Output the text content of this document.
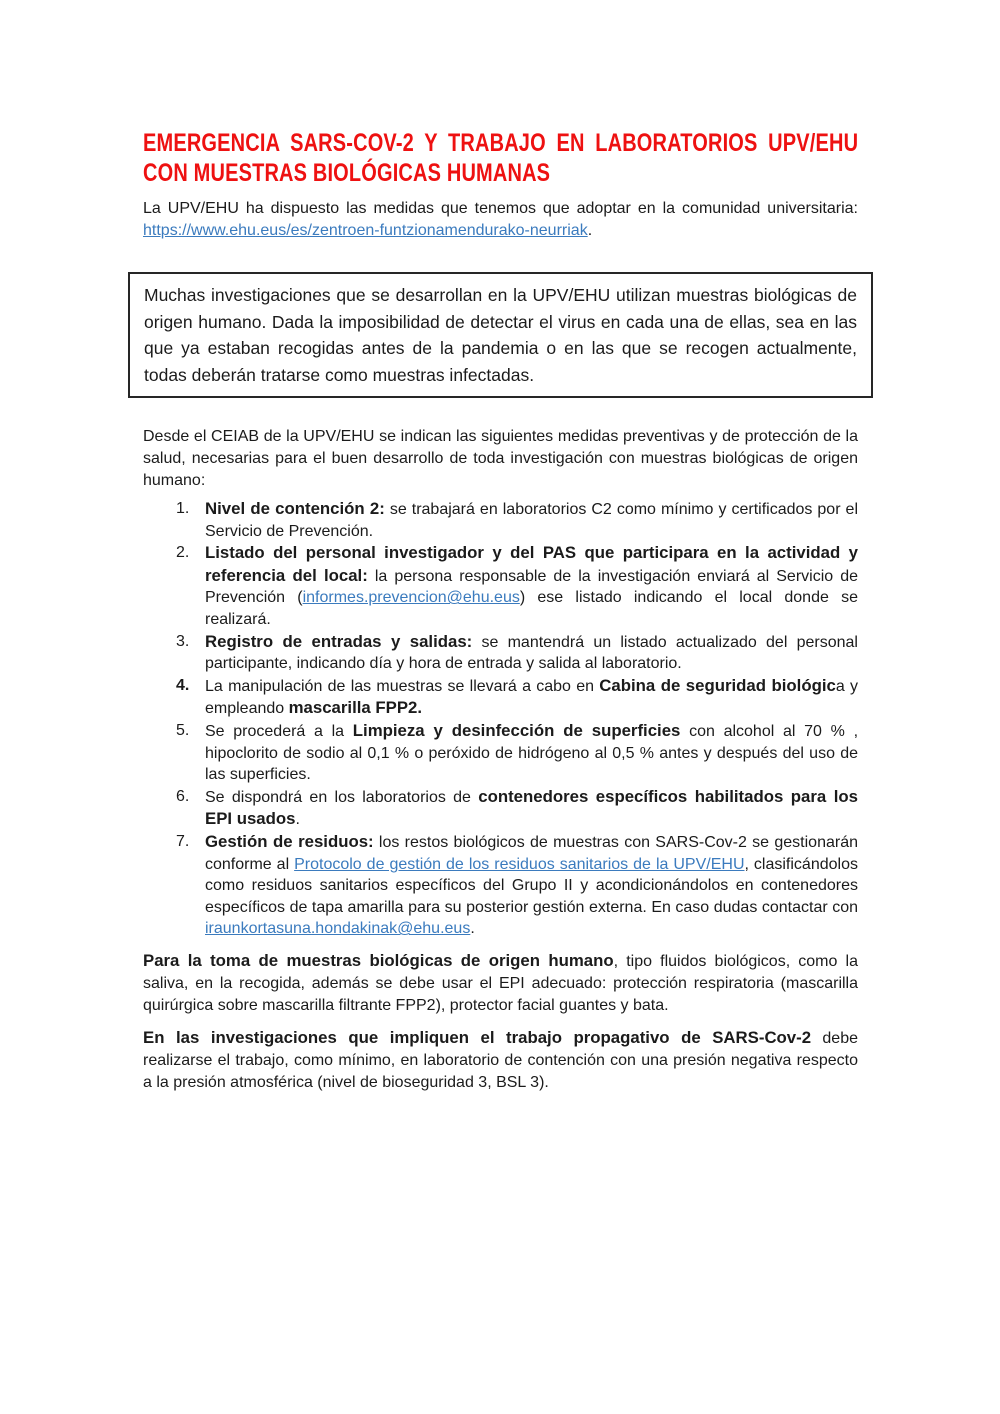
EMERGENCIA SARS-COV-2 Y TRABAJO EN LABORATORIOS UPV/EHU CON MUESTRAS BIOLÓGICAS HUMANAS

La UPV/EHU ha dispuesto las medidas que tenemos que adoptar en la comunidad universitaria: https://www.ehu.eus/es/zentroen-funtzionamendurako-neurriak.

Muchas investigaciones que se desarrollan en la UPV/EHU utilizan muestras biológicas de origen humano. Dada la imposibilidad de detectar el virus en cada una de ellas, sea en las que ya estaban recogidas antes de la pandemia o en las que se recogen actualmente, todas deberán tratarse como muestras infectadas.

Desde el CEIAB de la UPV/EHU se indican las siguientes medidas preventivas y de protección de la salud, necesarias para el buen desarrollo de toda investigación con muestras biológicas de origen humano:

1. Nivel de contención 2: se trabajará en laboratorios C2 como mínimo y certificados por el Servicio de Prevención.
2. Listado del personal investigador y del PAS que participara en la actividad y referencia del local: la persona responsable de la investigación enviará al Servicio de Prevención (informes.prevencion@ehu.eus) ese listado indicando el local donde se realizará.
3. Registro de entradas y salidas: se mantendrá un listado actualizado del personal participante, indicando día y hora de entrada y salida al laboratorio.
4. La manipulación de las muestras se llevará a cabo en Cabina de seguridad biológica y empleando mascarilla FPP2.
5. Se procederá a la Limpieza y desinfección de superficies con alcohol al 70 % , hipoclorito de sodio al 0,1 % o peróxido de hidrógeno al 0,5 % antes y después del uso de las superficies.
6. Se dispondrá en los laboratorios de contenedores específicos habilitados para los EPI usados.
7. Gestión de residuos: los restos biológicos de muestras con SARS-Cov-2 se gestionarán conforme al Protocolo de gestión de los residuos sanitarios de la UPV/EHU, clasificándolos como residuos sanitarios específicos del Grupo II y acondicionándolos en contenedores específicos de tapa amarilla para su posterior gestión externa. En caso dudas contactar con iraunkortasuna.hondakinak@ehu.eus.

Para la toma de muestras biológicas de origen humano, tipo fluidos biológicos, como la saliva, en la recogida, además se debe usar el EPI adecuado: protección respiratoria (mascarilla quirúrgica sobre mascarilla filtrante FPP2), protector facial guantes y bata.

En las investigaciones que impliquen el trabajo propagativo de SARS-Cov-2 debe realizarse el trabajo, como mínimo, en laboratorio de contención con una presión negativa respecto a la presión atmosférica (nivel de bioseguridad 3, BSL 3).
